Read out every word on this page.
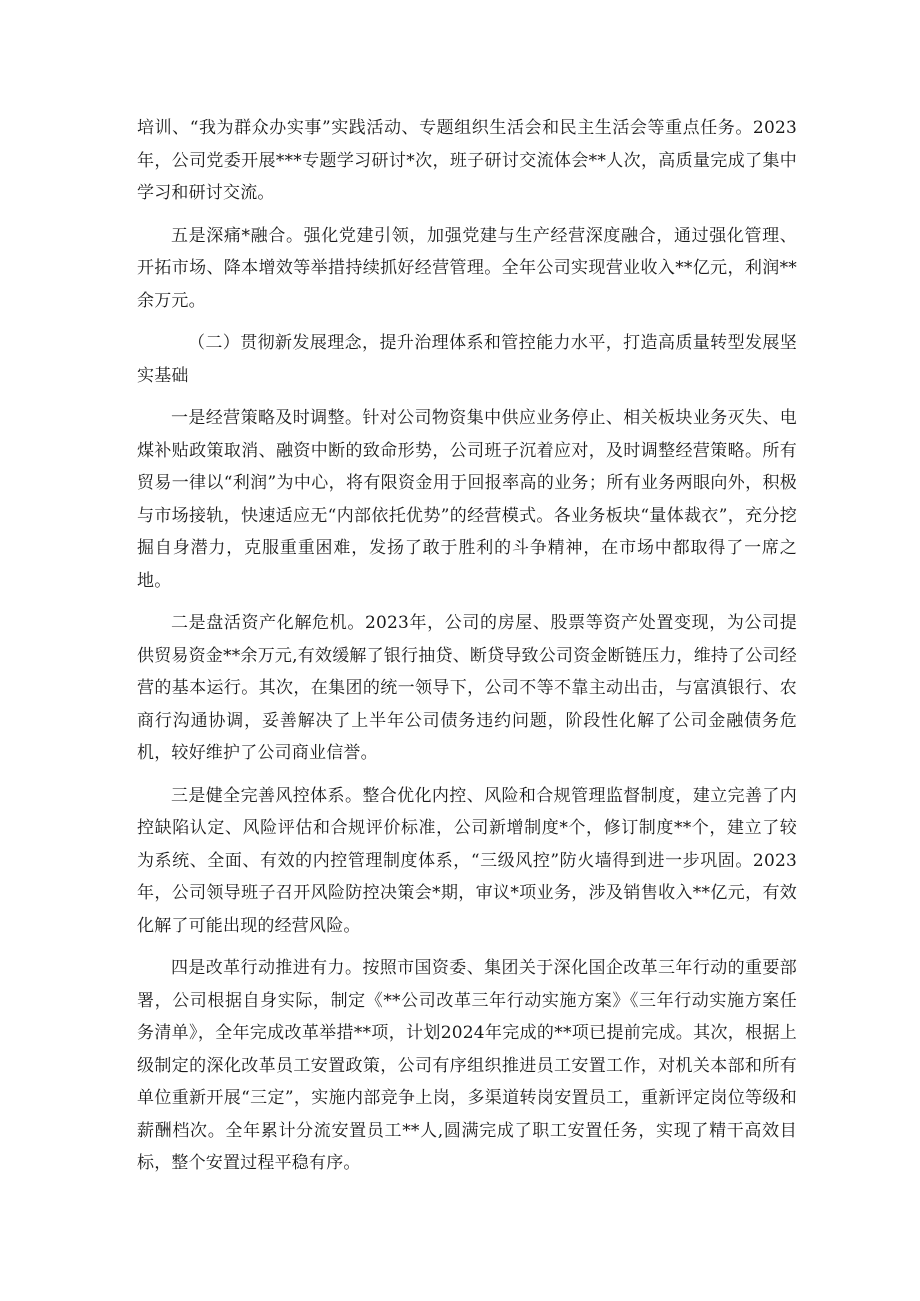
培训、“我为群众办实事”实践活动、专题组织生活会和民主生活会等重点任务。2023年，公司党委开展***专题学习研讨*次，班子研讨交流体会**人次，高质量完成了集中学习和研讨交流。

五是深痛*融合。强化党建引领，加强党建与生产经营深度融合，通过强化管理、开拓市场、降本增效等举措持续抓好经营管理。全年公司实现营业收入**亿元，利润**余万元。

（二）贯彻新发展理念，提升治理体系和管控能力水平，打造高质量转型发展坚实基础

一是经营策略及时调整。针对公司物资集中供应业务停止、相关板块业务灭失、电煤补贴政策取消、融资中断的致命形势，公司班子沉着应对，及时调整经营策略。所有贸易一律以“利润”为中心，将有限资金用于回报率高的业务；所有业务两眼向外，积极与市场接轨，快速适应无“内部依托优势”的经营模式。各业务板块“量体裁衣”，充分挖掘自身潜力，克服重重困难，发扬了敢于胜利的斗争精神，在市场中都取得了一席之地。

二是盘活资产化解危机。2023年，公司的房屋、股票等资产处置变现，为公司提供贸易资金**余万元,有效缓解了银行抽贷、断贷导致公司资金断链压力，维持了公司经营的基本运行。其次，在集团的统一领导下，公司不等不靠主动出击，与富滇银行、农商行沟通协调，妥善解决了上半年公司债务违约问题，阶段性化解了公司金融债务危机，较好维护了公司商业信誉。

三是健全完善风控体系。整合优化内控、风险和合规管理监督制度，建立完善了内控缺陷认定、风险评估和合规评价标准，公司新增制度*个，修订制度**个，建立了较为系统、全面、有效的内控管理制度体系，“三级风控”防火墙得到进一步巩固。2023年，公司领导班子召开风险防控决策会*期，审议*项业务，涉及销售收入**亿元，有效化解了可能出现的经营风险。

四是改革行动推进有力。按照市国资委、集团关于深化国企改革三年行动的重要部署，公司根据自身实际，制定《**公司改革三年行动实施方案》《三年行动实施方案任务清单》，全年完成改革举措**项，计划2024年完成的**项已提前完成。其次，根据上级制定的深化改革员工安置政策，公司有序组织推进员工安置工作，对机关本部和所有单位重新开展“三定”，实施内部竞争上岗，多渠道转岗安置员工，重新评定岗位等级和薪酬档次。全年累计分流安置员工**人,圆满完成了职工安置任务，实现了精干高效目标，整个安置过程平稳有序。
